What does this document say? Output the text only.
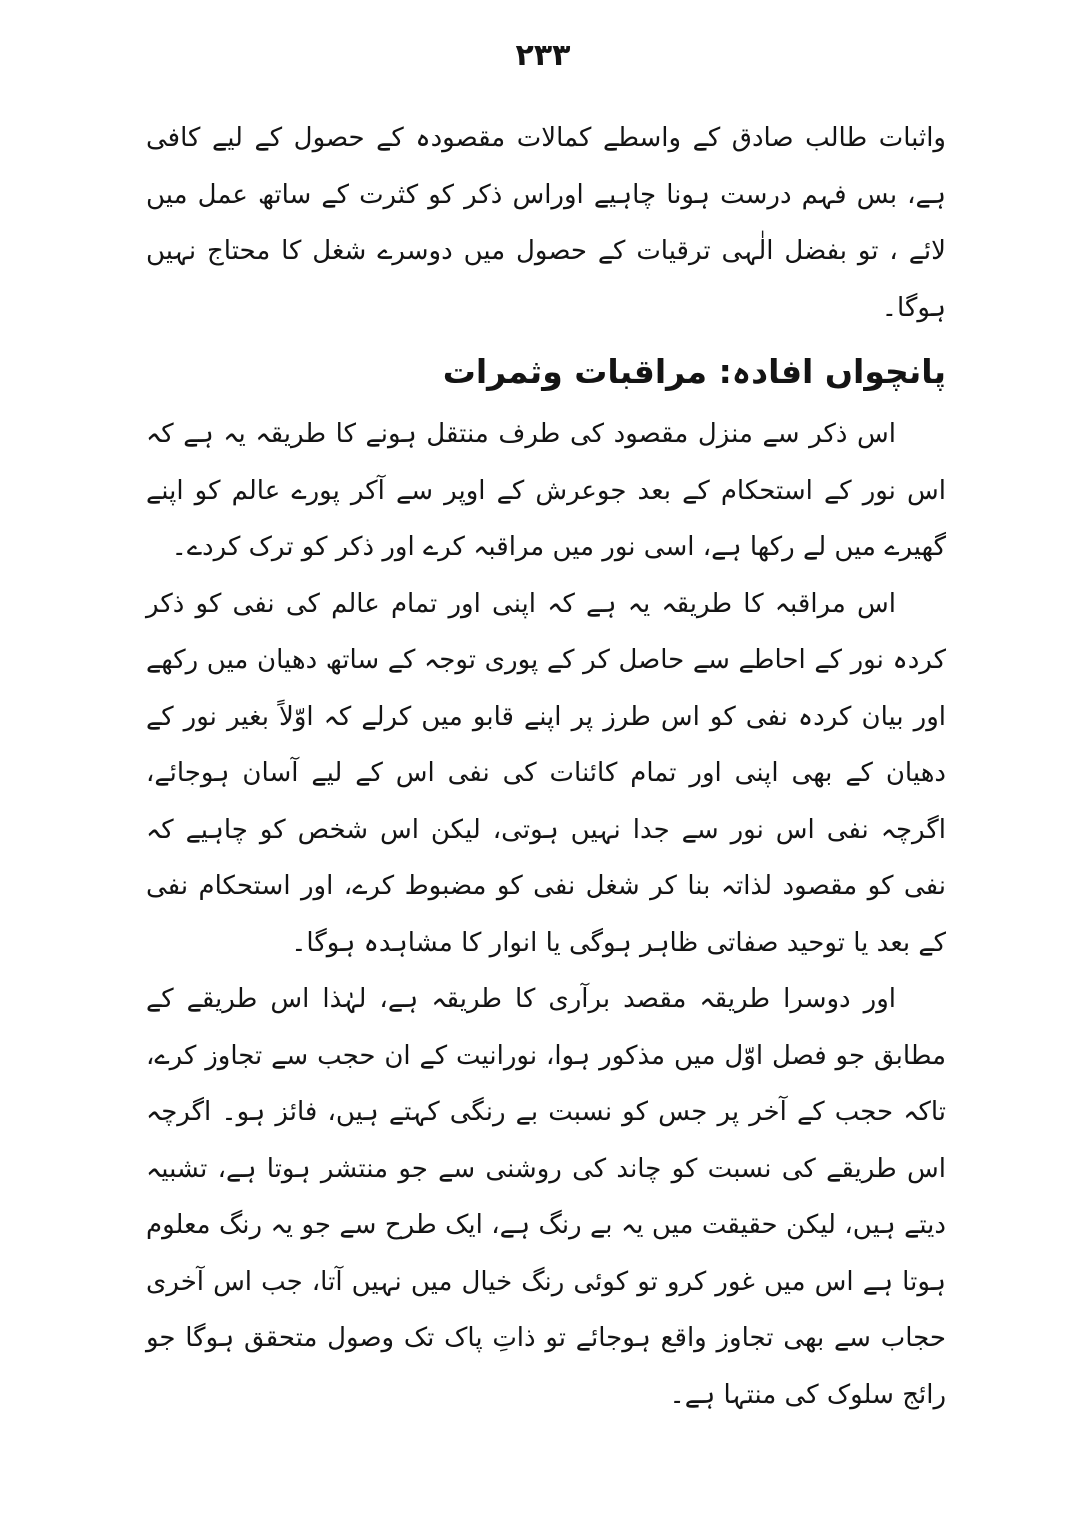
۲۳۳

واثبات طالب صادق کے واسطے کمالات مقصودہ کے حصول کے لیے کافی ہے، بس فہم درست ہونا چاہیے اوراس ذکر کو کثرت کے ساتھ عمل میں لائے ، تو بفضل الٰہی ترقیات کے حصول میں دوسرے شغل کا محتاج نہیں ہوگا۔

پانچواں افادہ: مراقبات وثمرات

اس ذکر سے منزل مقصود کی طرف منتقل ہونے کا طریقہ یہ ہے کہ اس نور کے استحکام کے بعد جوعرش کے اوپر سے آکر پورے عالم کو اپنے گھیرے میں لے رکھا ہے، اسی نور میں مراقبہ کرے اور ذکر کو ترک کردے۔

اس مراقبہ کا طریقہ یہ ہے کہ اپنی اور تمام عالم کی نفی کو ذکر کردہ نور کے احاطے سے حاصل کر کے پوری توجہ کے ساتھ دھیان میں رکھے اور بیان کردہ نفی کو اس طرز پر اپنے قابو میں کرلے کہ اوّلاً بغیر نور کے دھیان کے بھی اپنی اور تمام کائنات کی نفی اس کے لیے آسان ہوجائے، اگرچہ نفی اس نور سے جدا نہیں ہوتی، لیکن اس شخص کو چاہیے کہ نفی کو مقصود لذاتہ بنا کر شغل نفی کو مضبوط کرے، اور استحکام نفی کے بعد یا توحید صفاتی ظاہر ہوگی یا انوار کا مشاہدہ ہوگا۔

اور دوسرا طریقہ مقصد برآری کا طریقہ ہے، لہٰذا اس طریقے کے مطابق جو فصل اوّل میں مذکور ہوا، نورانیت کے ان حجب سے تجاوز کرے، تاکہ حجب کے آخر پر جس کو نسبت بے رنگی کہتے ہیں، فائز ہو۔ اگرچہ اس طریقے کی نسبت کو چاند کی روشنی سے جو منتشر ہوتا ہے، تشبیہ دیتے ہیں، لیکن حقیقت میں یہ بے رنگ ہے، ایک طرح سے جو یہ رنگ معلوم ہوتا ہے اس میں غور کرو تو کوئی رنگ خیال میں نہیں آتا، جب اس آخری حجاب سے بھی تجاوز واقع ہوجائے تو ذاتِ پاک تک وصول متحقق ہوگا جو رائج سلوک کی منتہا ہے۔
